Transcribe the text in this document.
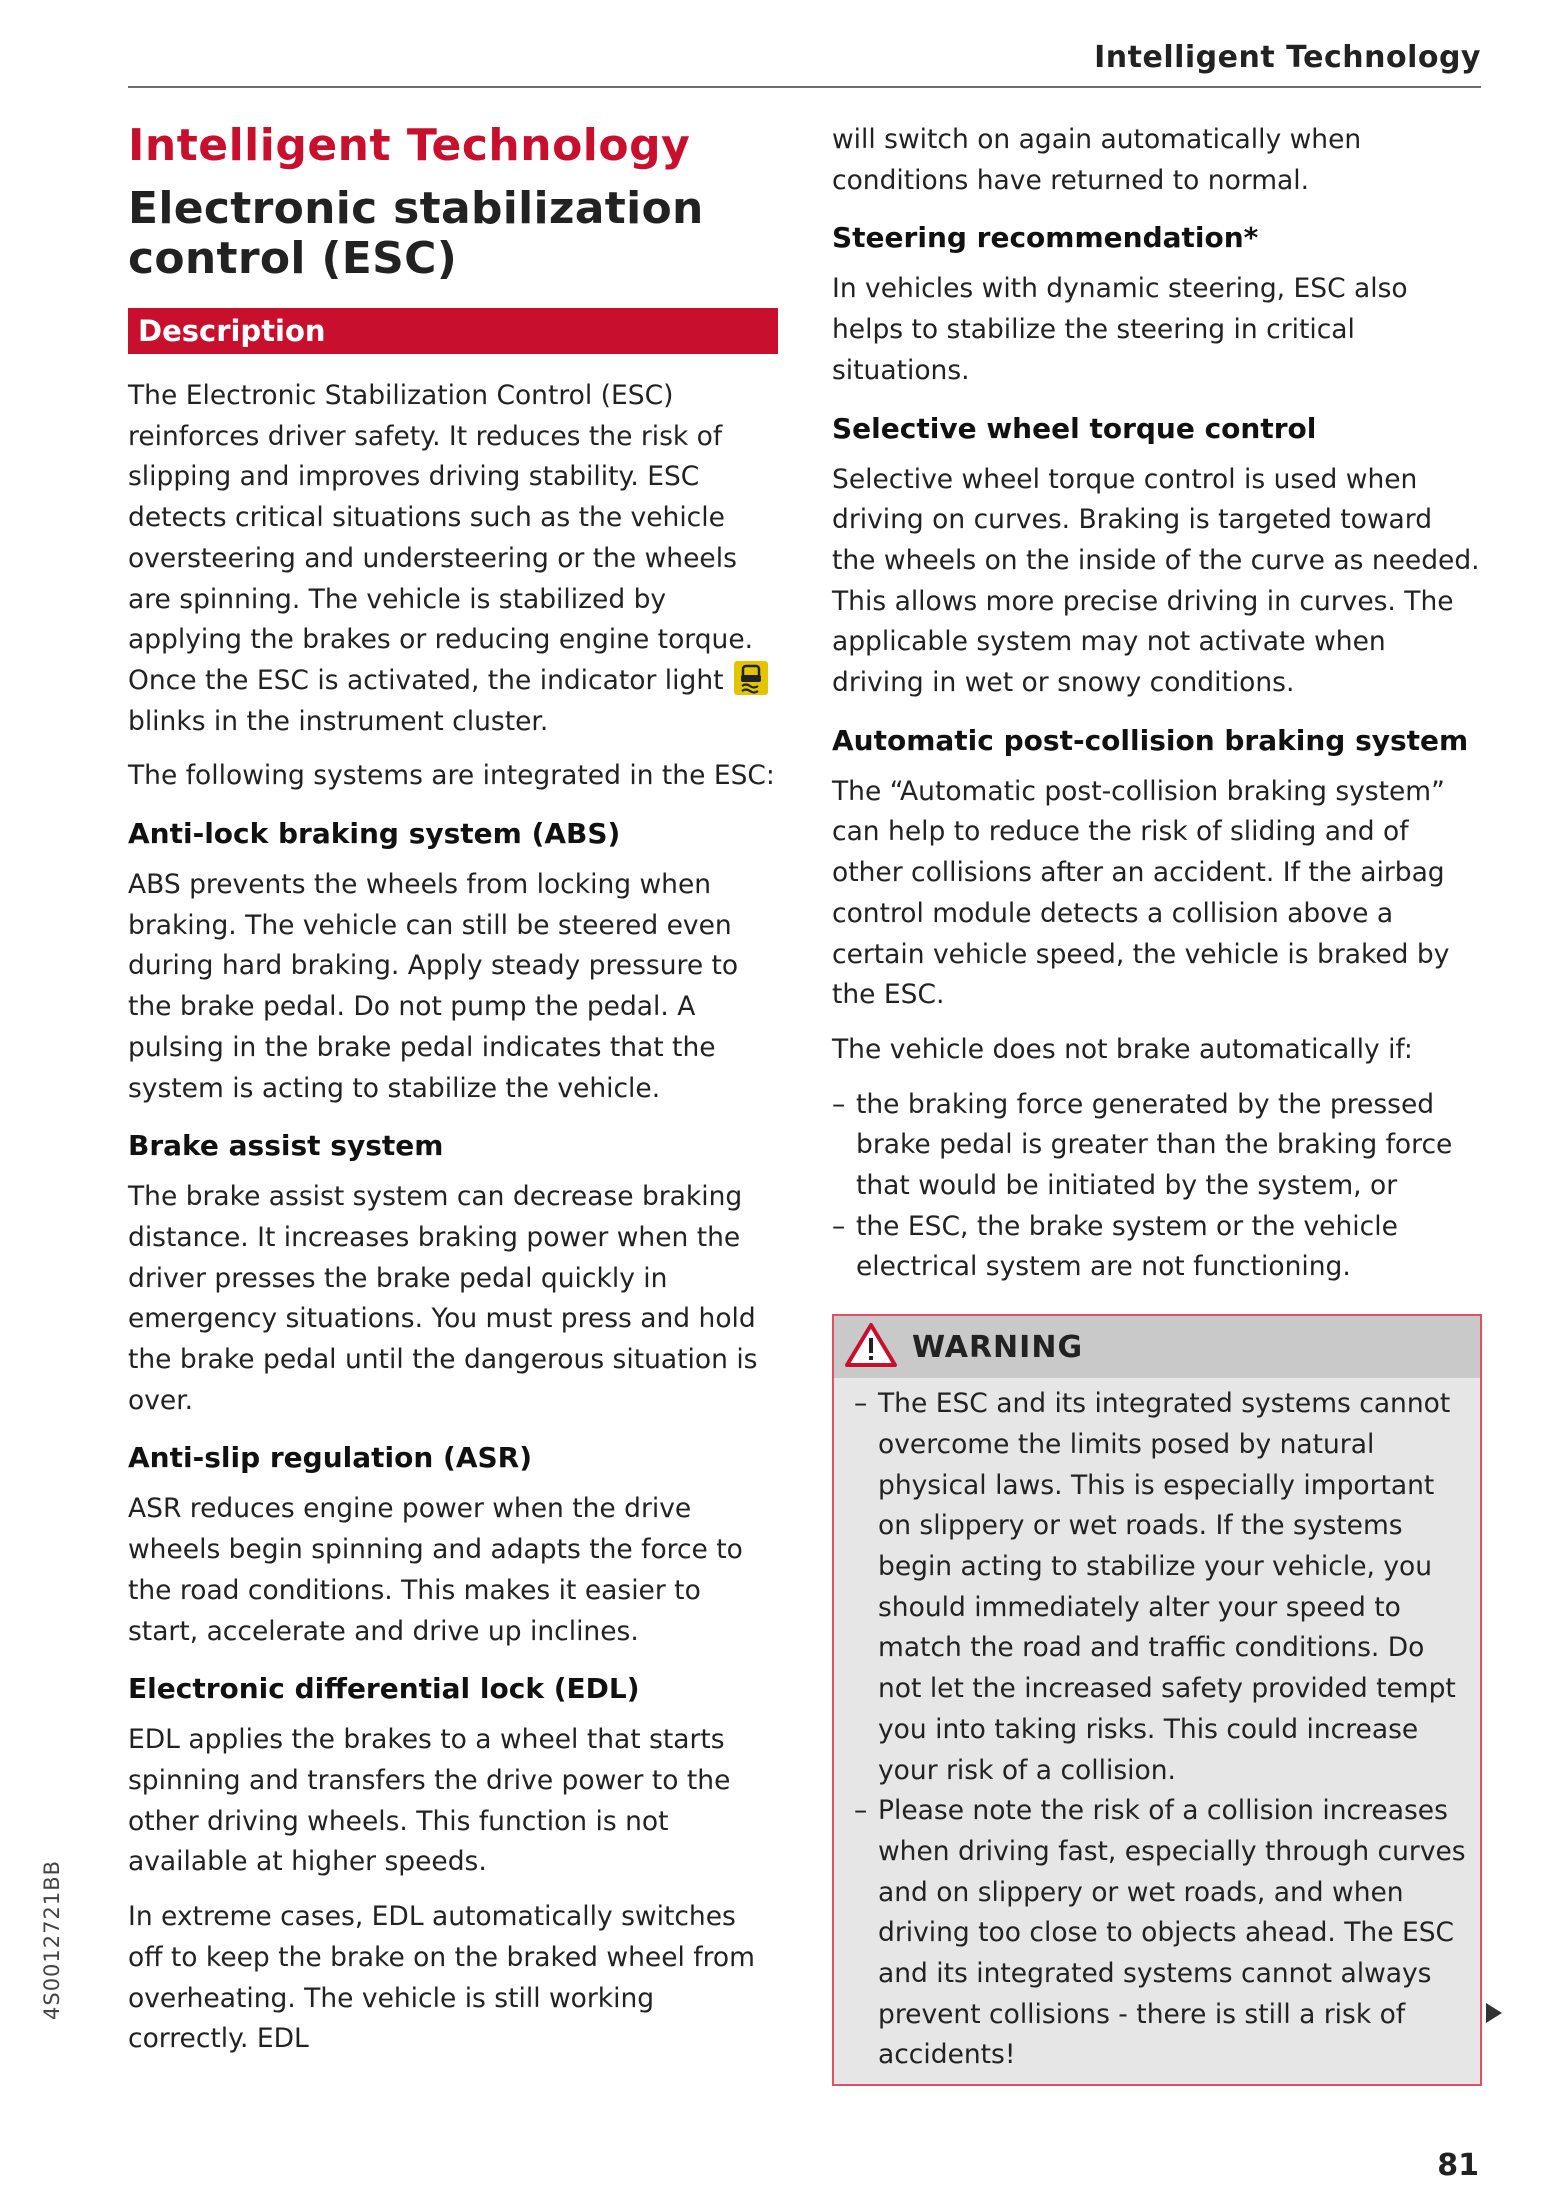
Intelligent Technology
Intelligent Technology
Electronic stabilization control (ESC)
Description

The Electronic Stabilization Control (ESC) reinforces driver safety. It reduces the risk of slipping and improves driving stability. ESC detects critical situations such as the vehicle oversteering and understeering or the wheels are spinning. The vehicle is stabilized by applying the brakes or reducing engine torque. Once the ESC is activated, the indicator light
blinks in the instrument cluster.

The following systems are integrated in the ESC:

Anti-lock braking system (ABS)

ABS prevents the wheels from locking when braking. The vehicle can still be steered even during hard braking. Apply steady pressure to the brake pedal. Do not pump the pedal. A pulsing in the brake pedal indicates that the system is acting to stabilize the vehicle.

Brake assist system

The brake assist system can decrease braking distance. It increases braking power when the driver presses the brake pedal quickly in emergency situations. You must press and hold the brake pedal until the dangerous situation is over.

Anti-slip regulation (ASR)

ASR reduces engine power when the drive wheels begin spinning and adapts the force to the road conditions. This makes it easier to start, accelerate and drive up inclines.

Electronic differential lock (EDL)

EDL applies the brakes to a wheel that starts spinning and transfers the drive power to the other driving wheels. This function is not available at higher speeds.

In extreme cases, EDL automatically switches off to keep the brake on the braked wheel from overheating. The vehicle is still working correctly. EDL

will switch on again automatically when conditions have returned to normal.

Steering recommendation*

In vehicles with dynamic steering, ESC also helps to stabilize the steering in critical situations.

Selective wheel torque control

Selective wheel torque control is used when driving on curves. Braking is targeted toward the wheels on the inside of the curve as needed. This allows more precise driving in curves. The applicable system may not activate when driving in wet or snowy conditions.

Automatic post-collision braking system

The “Automatic post-collision braking system” can help to reduce the risk of sliding and of other collisions after an accident. If the airbag control module detects a collision above a certain vehicle speed, the vehicle is braked by the ESC.

The vehicle does not brake automatically if:

– the braking force generated by the pressed brake pedal is greater than the braking force that would be initiated by the system, or
– the ESC, the brake system or the vehicle electrical system are not functioning.
WARNING
– The ESC and its integrated systems cannot overcome the limits posed by natural physical laws. This is especially important on slippery or wet roads. If the systems begin acting to stabilize your vehicle, you should immediately alter your speed to match the road and traffic conditions. Do not let the increased safety provided tempt you into taking risks. This could increase your risk of a collision.
– Please note the risk of a collision increases when driving fast, especially through curves and on slippery or wet roads, and when driving too close to objects ahead. The ESC and its integrated systems cannot always prevent collisions - there is still a risk of accidents!
4S0012721BB
81
